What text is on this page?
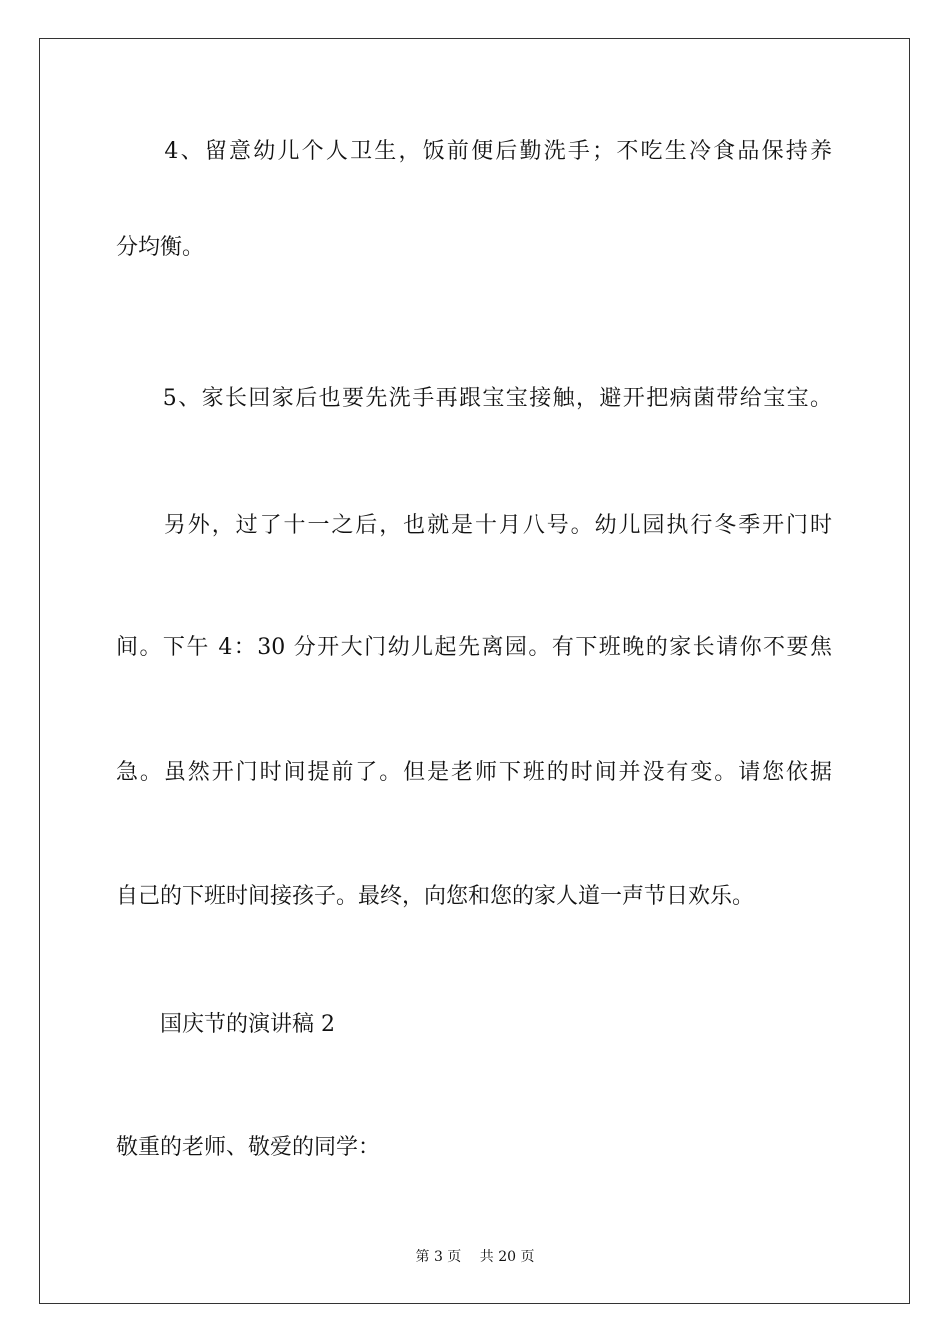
　　4、留意幼儿个人卫生，饭前便后勤洗手；不吃生冷食品保持养
分均衡。
　　5、家长回家后也要先洗手再跟宝宝接触，避开把病菌带给宝宝。
　　另外，过了十一之后，也就是十月八号。幼儿园执行冬季开门时
间。下午 4：30 分开大门幼儿起先离园。有下班晚的家长请你不要焦
急。虽然开门时间提前了。但是老师下班的时间并没有变。请您依据
自己的下班时间接孩子。最终，向您和您的家人道一声节日欢乐。
　　国庆节的演讲稿 2
敬重的老师、敬爱的同学：
第 3 页　 共 20 页
